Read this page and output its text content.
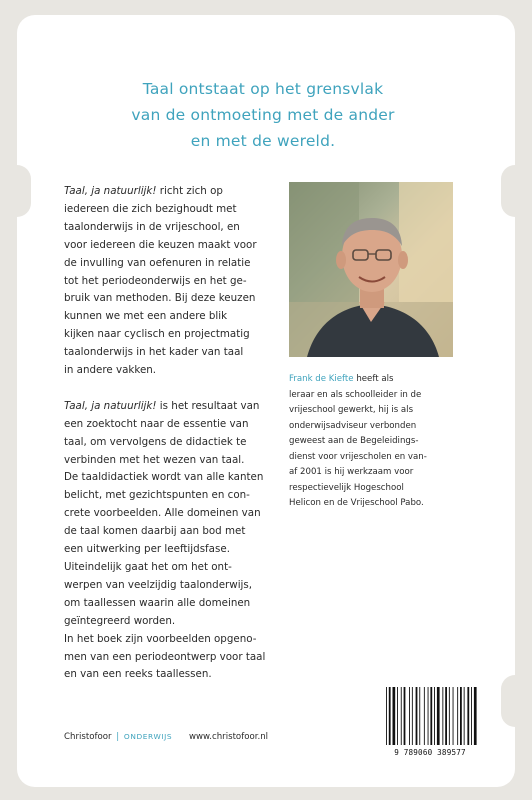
Taal ontstaat op het grensvlak
van de ontmoeting met de ander
en met de wereld.

Taal, ja natuurlijk! richt zich op
iedereen die zich bezighoudt met
taalonderwijs in de vrijeschool, en
voor iedereen die keuzen maakt voor
de invulling van oefenuren in relatie
tot het periodeonderwijs en het ge-
bruik van methoden. Bij deze keuzen
kunnen we met een andere blik
kijken naar cyclisch en projectmatig
taalonderwijs in het kader van taal
in andere vakken.

Taal, ja natuurlijk! is het resultaat van
een zoektocht naar de essentie van
taal, om vervolgens de didactiek te
verbinden met het wezen van taal.
De taaldidactiek wordt van alle kanten
belicht, met gezichtspunten en con-
crete voorbeelden. Alle domeinen van
de taal komen daarbij aan bod met
een uitwerking per leeftijdsfase.
Uiteindelijk gaat het om het ont-
werpen van veelzijdig taalonderwijs,
om taallessen waarin alle domeinen
geïntegreerd worden.
In het boek zijn voorbeelden opgeno-
men van een periodeontwerp voor taal
en van een reeks taallessen.

Frank de Kiefte heeft als
leraar en als schoolleider in de
vrijeschool gewerkt, hij is als
onderwijsadviseur verbonden
geweest aan de Begeleidings-
dienst voor vrijescholen en van-
af 2001 is hij werkzaam voor
respectievelijk Hogeschool
Helicon en de Vrijeschool Pabo.
Christofoor | ONDERWIJS www.christofoor.nl
9 789060 389577
